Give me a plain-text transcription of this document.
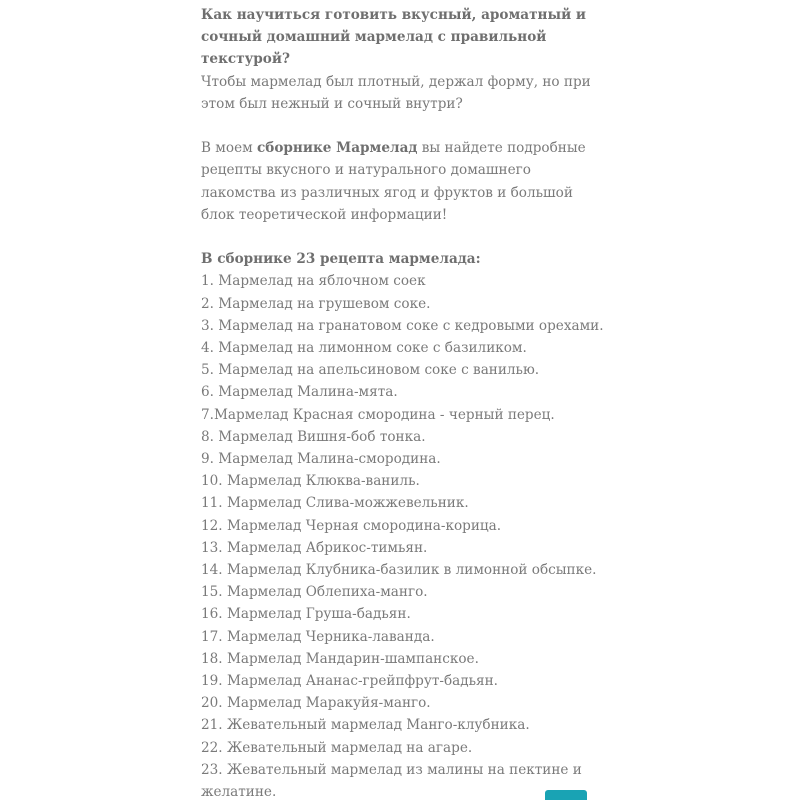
Как научиться готовить вкусный, ароматный и сочный домашний мармелад с правильной текстурой?

Чтобы мармелад был плотный, держал форму, но при этом был нежный и сочный внутри?

В моем сборнике Мармелад вы найдете подробные рецепты вкусного и натурального домашнего лакомства из различных ягод и фруктов и большой блок теоретической информации!

В сборнике 23 рецепта мармелада:

1. Мармелад на яблочном соек
2. Мармелад на грушевом соке.
3. Мармелад на гранатовом соке с кедровыми орехами.
4. Мармелад на лимонном соке с базиликом.
5. Мармелад на апельсиновом соке с ванилью.
6. Мармелад Малина-мята.
7.Мармелад Красная смородина - черный перец.
8. Мармелад Вишня-боб тонка.
9. Мармелад Малина-смородина.
10. Мармелад Клюква-ваниль.
11. Мармелад Слива-можжевельник.
12. Мармелад Черная смородина-корица.
13. Мармелад Абрикос-тимьян.
14. Мармелад Клубника-базилик в лимонной обсыпке.
15. Мармелад Облепиха-манго.
16. Мармелад Груша-бадьян.
17. Мармелад Черника-лаванда.
18. Мармелад Мандарин-шампанское.
19. Мармелад Ананас-грейпфрут-бадьян.
20. Мармелад Маракуйя-манго.
21. Жевательный мармелад Манго-клубника.
22. Жевательный мармелад на агаре.
23. Жевательный мармелад из малины на пектине и желатине.
